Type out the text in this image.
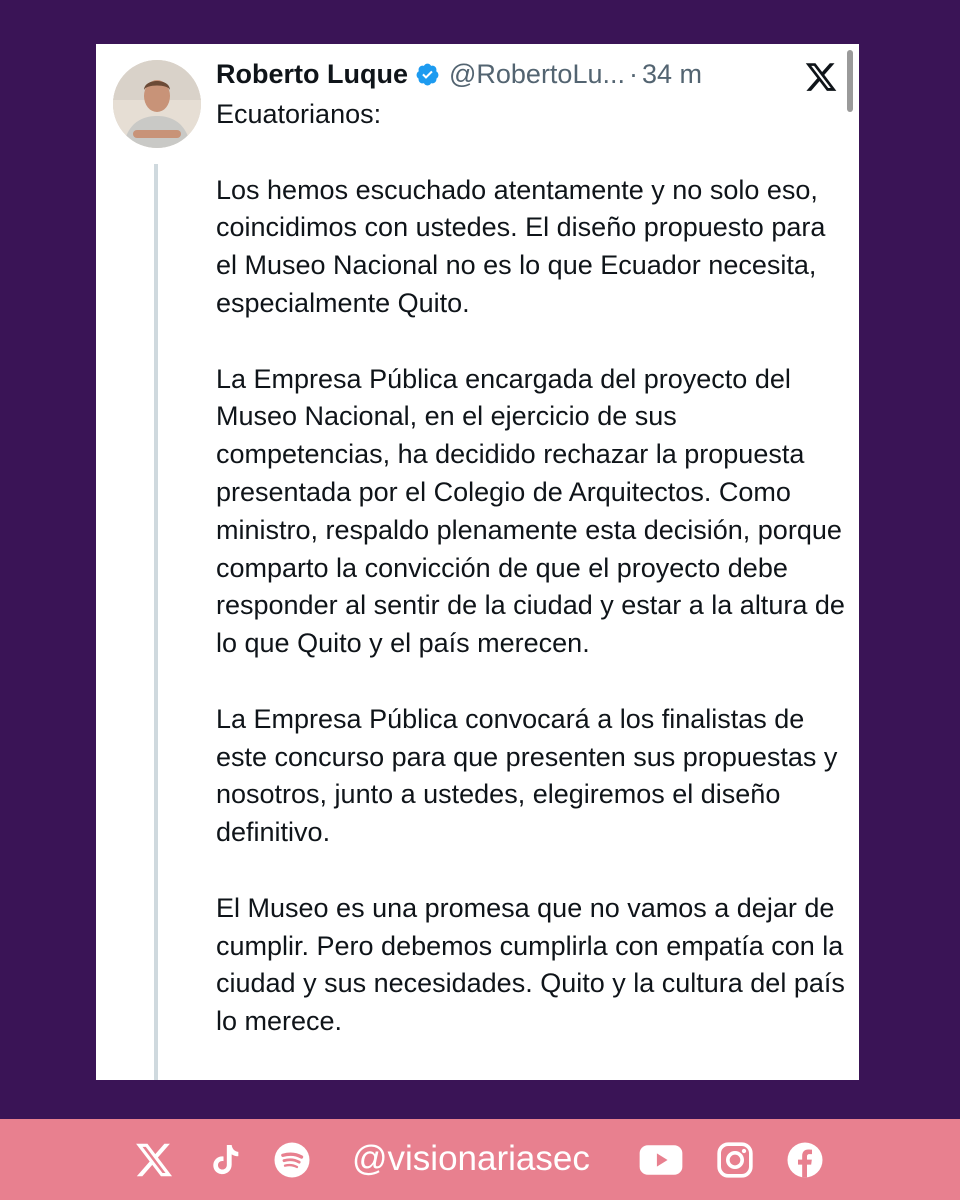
Roberto Luque @RobertoLu... · 34 m

Ecuatorianos:

Los hemos escuchado atentamente y no solo eso, coincidimos con ustedes. El diseño propuesto para el Museo Nacional no es lo que Ecuador necesita, especialmente Quito.

La Empresa Pública encargada del proyecto del Museo Nacional, en el ejercicio de sus competencias, ha decidido rechazar la propuesta presentada por el Colegio de Arquitectos. Como ministro, respaldo plenamente esta decisión, porque comparto la convicción de que el proyecto debe responder al sentir de la ciudad y estar a la altura de lo que Quito y el país merecen.

La Empresa Pública convocará a los finalistas de este concurso para que presenten sus propuestas y nosotros, junto a ustedes, elegiremos el diseño definitivo.

El Museo es una promesa que no vamos a dejar de cumplir. Pero debemos cumplirla con empatía con la ciudad y sus necesidades. Quito y la cultura del país lo merece.

@visionariasec
